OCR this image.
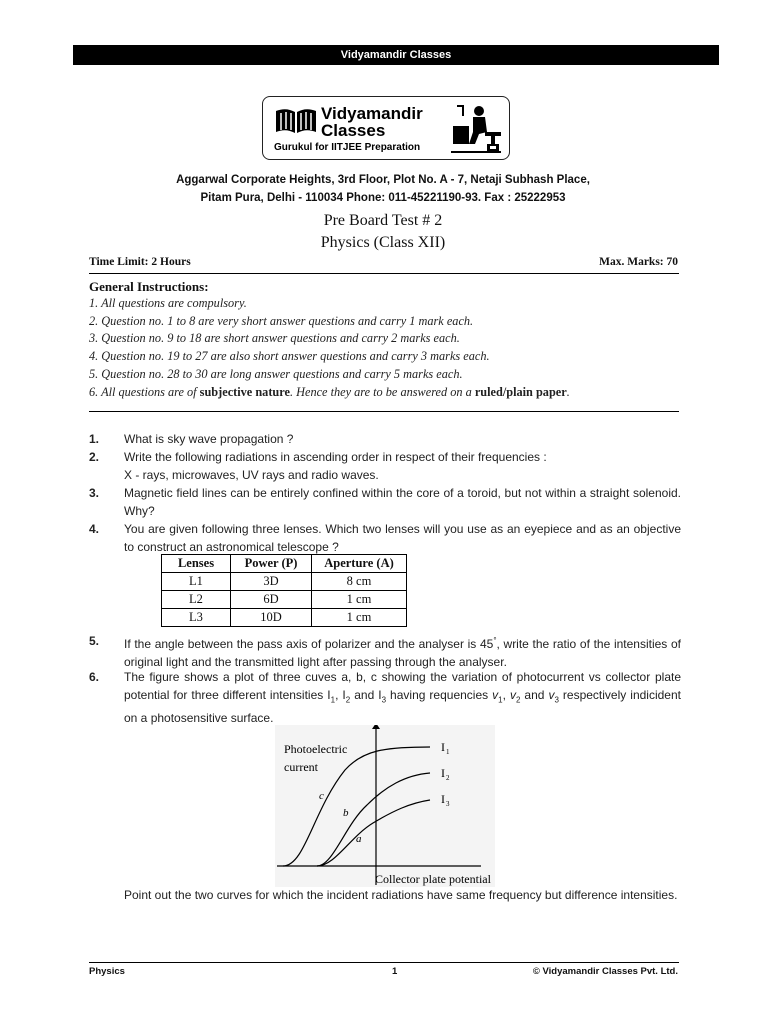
Vidyamandir Classes
Vidyamandir
Classes
Gurukul for IITJEE Preparation
Aggarwal Corporate Heights, 3rd Floor, Plot No. A - 7, Netaji Subhash Place,
Pitam Pura, Delhi - 110034 Phone: 011-45221190-93. Fax : 25222953
Pre Board Test # 2
Physics (Class XII)
Time Limit: 2 Hours	Max. Marks: 70
General Instructions:
1. All questions are compulsory.
2. Question no. 1 to 8 are very short answer questions and carry 1 mark each.
3. Question no. 9 to 18 are short answer questions and carry 2 marks each.
4. Question no. 19 to 27 are also short answer questions and carry 3 marks each.
5. Question no. 28 to 30 are long answer questions and carry 5 marks each.
6. All questions are of subjective nature. Hence they are to be answered on a ruled/plain paper.
1. What is sky wave propagation ?
2. Write the following radiations in ascending order in respect of their frequencies :
X - rays, microwaves, UV rays and radio waves.
3. Magnetic field lines can be entirely confined within the core of a toroid, but not within a straight solenoid. Why?
4. You are given following three lenses. Which two lenses will you use as an eyepiece and as an objective to construct an astronomical telescope ?
Lenses	Power (P)	Aperture (A)
L1	3D	8 cm
L2	6D	1 cm
L3	10D	1 cm
5. If the angle between the pass axis of polarizer and the analyser is 45°, write the ratio of the intensities of original light and the transmitted light after passing through the analyser.
6. The figure shows a plot of three cuves a, b, c showing the variation of photocurrent vs collector plate potential for three different intensities $I_1$, $I_2$ and $I_3$ having requencies $v_1$, $v_2$ and $v_3$ respectively indicident on a photosensitive surface.
Photoelectric
current
c
b
a
I 1
I 2
I 3
Collector plate potential
Point out the two curves for which the incident radiations have same frequency but difference intensities.
Physics	1	© Vidyamandir Classes Pvt. Ltd.
